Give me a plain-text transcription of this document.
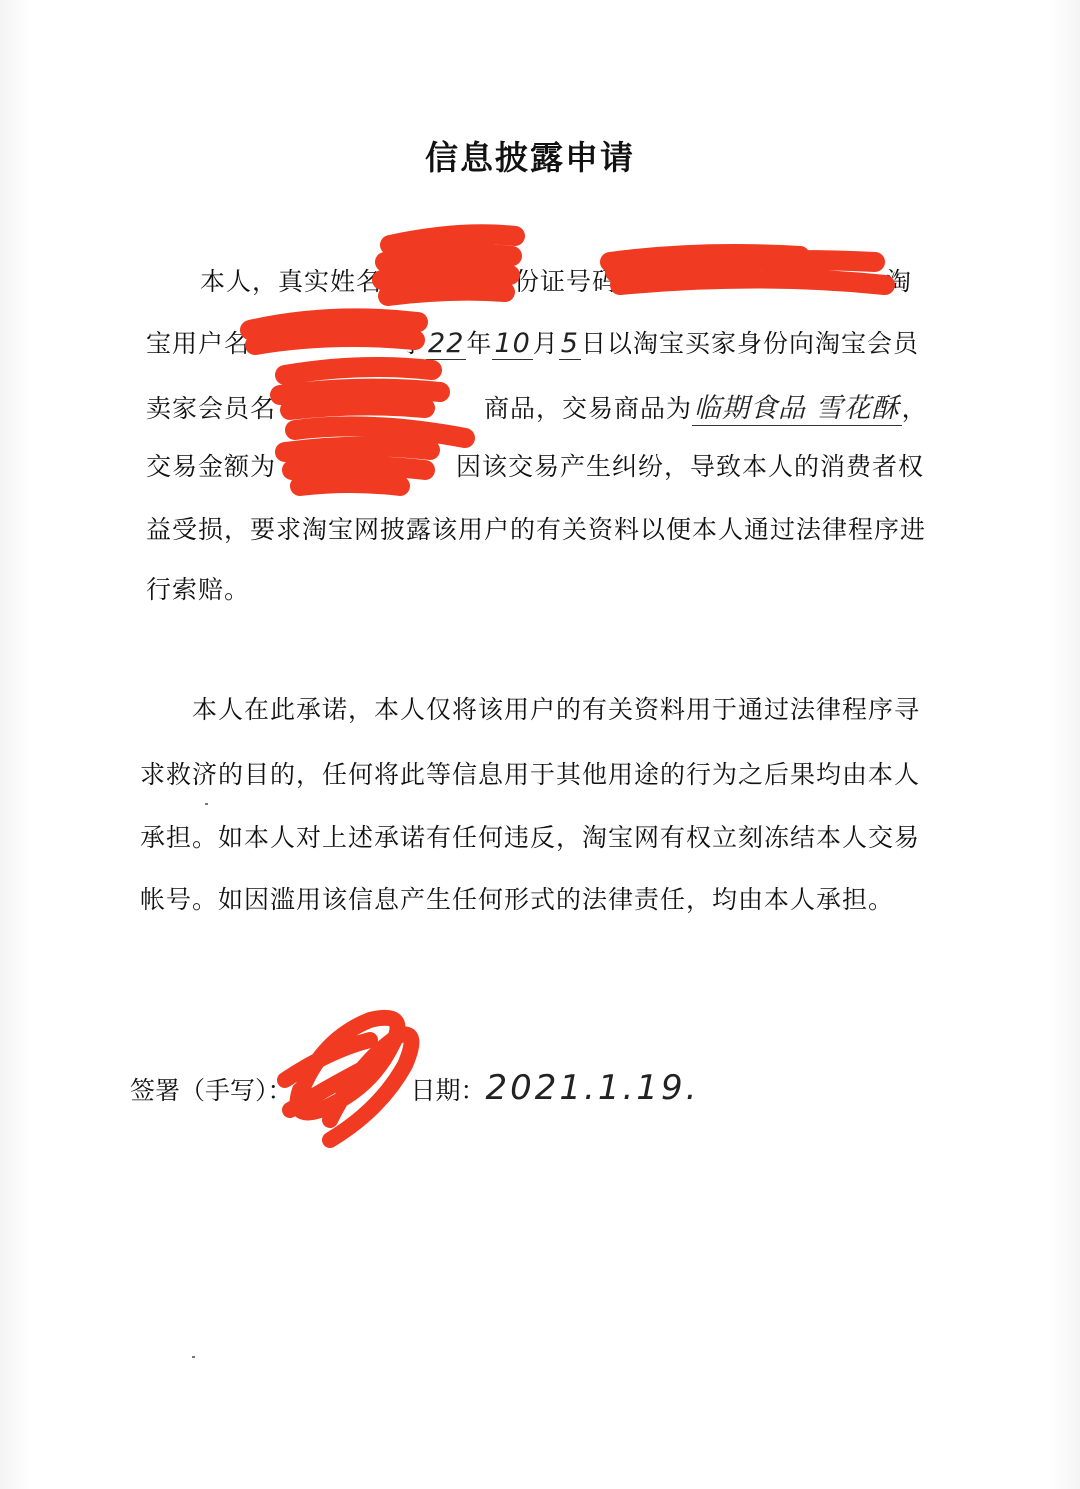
信息披露申请
本人，真实姓名	份证号码	淘
宝用户名	于22年10月5日以淘宝买家身份向淘宝会员
卖家会员名	商品，交易商品为临期食品 雪花酥，
交易金额为	因该交易产生纠纷，导致本人的消费者权
益受损，要求淘宝网披露该用户的有关资料以便本人通过法律程序进
行索赔。
本人在此承诺，本人仅将该用户的有关资料用于通过法律程序寻
求救济的目的，任何将此等信息用于其他用途的行为之后果均由本人
承担。如本人对上述承诺有任何违反，淘宝网有权立刻冻结本人交易
帐号。如因滥用该信息产生任何形式的法律责任，均由本人承担。
签署（手写）：	日期：2021.1.19.
